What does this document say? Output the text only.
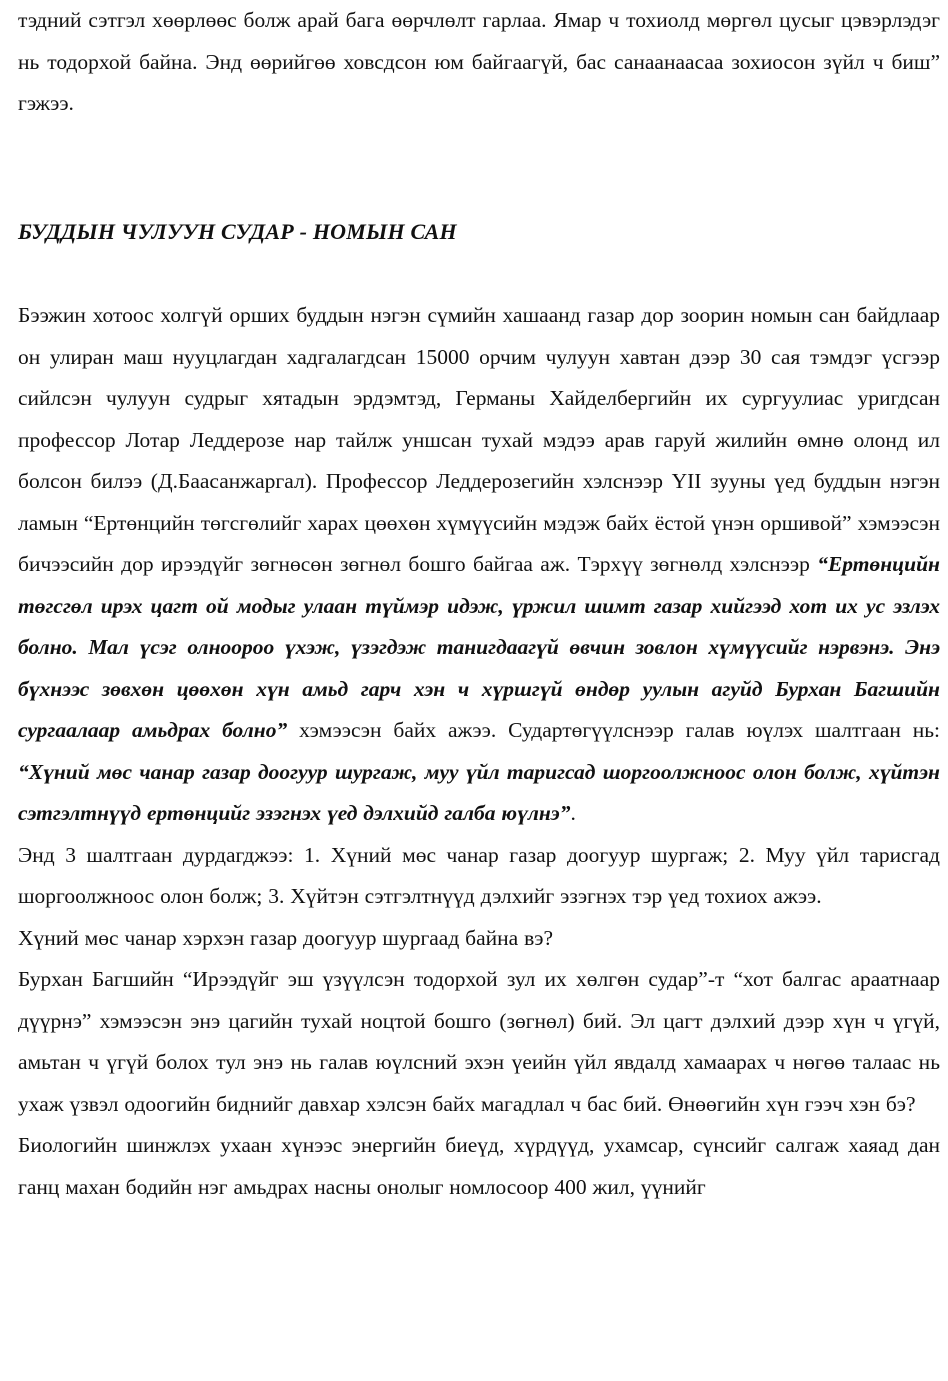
тэдний сэтгэл хөөрлөөс болж арай бага өөрчлөлт гарлаа. Ямар ч тохиолд мөргөл цусыг цэвэрлэдэг нь тодорхой байна. Энд өөрийгөө ховсдсон юм байгаагүй, бас санаанаасаа зохиосон зүйл ч биш” гэжээ.

БУДДЫН ЧУЛУУН СУДАР - НОМЫН САН

Бээжин хотоос холгүй орших буддын нэгэн сүмийн хашаанд газар дор зоорин номын сан байдлаар он улиран маш нууцлагдан хадгалагдсан 15000 орчим чулуун хавтан дээр 30 сая тэмдэг үсгээр сийлсэн чулуун судрыг хятадын эрдэмтэд, Германы Хайделбергийн их сургуулиас уригдсан профессор Лотар Леддерозе нар тайлж уншсан тухай мэдээ арав гаруй жилийн өмнө олонд ил болсон билээ (Д.Баасанжаргал). Профессор Леддерозегийн хэлснээр YII зууны үед буддын нэгэн ламын “Ертөнцийн төгсгөлийг харах цөөхөн хүмүүсийн мэдэж байх ёстой үнэн оршивой” хэмээсэн бичээсийн дор ирээдүйг зөгнөсөн зөгнөл бошго байгаа аж. Тэрхүү зөгнөлд хэлснээр “Ертөнцийн төгсгөл ирэх цагт ой модыг улаан түймэр идэж, үржил шимт газар хийгээд хот их ус эзлэх болно. Мал үсэг олноороо үхэж, үзэгдэж танигдаагүй өвчин зовлон хүмүүсийг нэрвэнэ. Энэ бүхнээс зөвхөн цөөхөн хүн амьд гарч хэн ч хүршгүй өндөр уулын агуйд Бурхан Багшийн сургаалаар амьдрах болно” хэмээсэн байх ажээ. Судартөгүүлснээр галав юүлэх шалтгаан нь: “Хүний мөс чанар газар доогуур шургаж, муу үйл таригсад шоргоолжноос олон болж, хүйтэн сэтгэлтнүүд ертөнцийг эзэгнэх үед дэлхийд галба юүлнэ”.

Энд 3 шалтгаан дурдагджээ: 1. Хүний мөс чанар газар доогуур шургаж; 2. Муу үйл тарисгад шоргоолжноос олон болж; 3. Хүйтэн сэтгэлтнүүд дэлхийг эзэгнэх тэр үед тохиох ажээ.

Хүний мөс чанар хэрхэн газар доогуур шургаад байна вэ?

Бурхан Багшийн “Ирээдүйг эш үзүүлсэн тодорхой зул их хөлгөн судар”-т “хот балгас араатнаар дүүрнэ” хэмээсэн энэ цагийн тухай ноцтой бошго (зөгнөл) бий. Эл цагт дэлхий дээр хүн ч үгүй, амьтан ч үгүй болох тул энэ нь галав юүлсний эхэн үеийн үйл явдалд хамаарах ч нөгөө талаас нь ухаж үзвэл одоогийн биднийг давхар хэлсэн байх магадлал ч бас бий. Өнөөгийн хүн гээч хэн бэ?

Биологийн шинжлэх ухаан хүнээс энергийн биеүд, хүрдүүд, ухамсар, сүнсийг салгаж хаяад дан ганц махан бодийн нэг амьдрах насны онолыг номлосоор 400 жил, үүнийг
